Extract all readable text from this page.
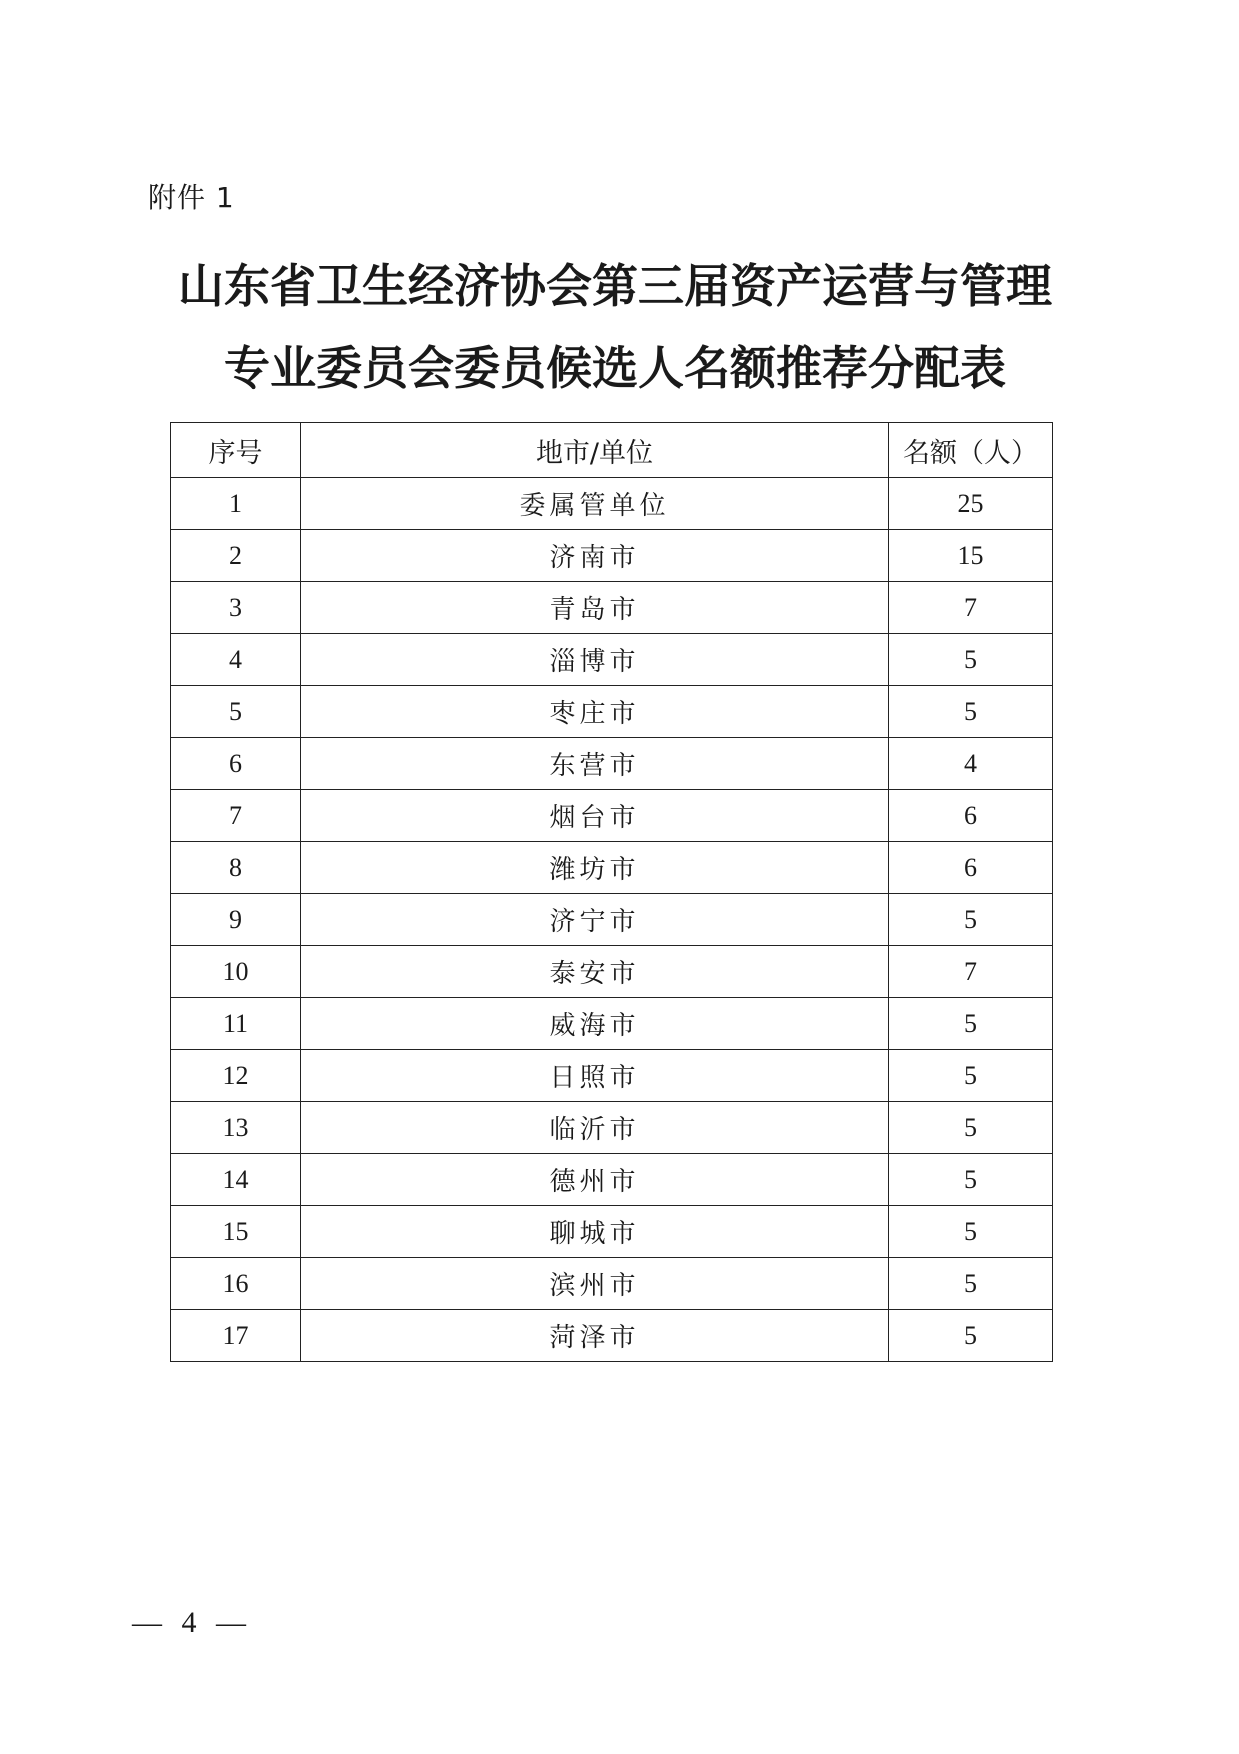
附件 1
山东省卫生经济协会第三届资产运营与管理
专业委员会委员候选人名额推荐分配表
序号	地市/单位	名额（人）
1	委属管单位	25
2	济南市	15
3	青岛市	7
4	淄博市	5
5	枣庄市	5
6	东营市	4
7	烟台市	6
8	潍坊市	6
9	济宁市	5
10	泰安市	7
11	威海市	5
12	日照市	5
13	临沂市	5
14	德州市	5
15	聊城市	5
16	滨州市	5
17	菏泽市	5
— 4 —
